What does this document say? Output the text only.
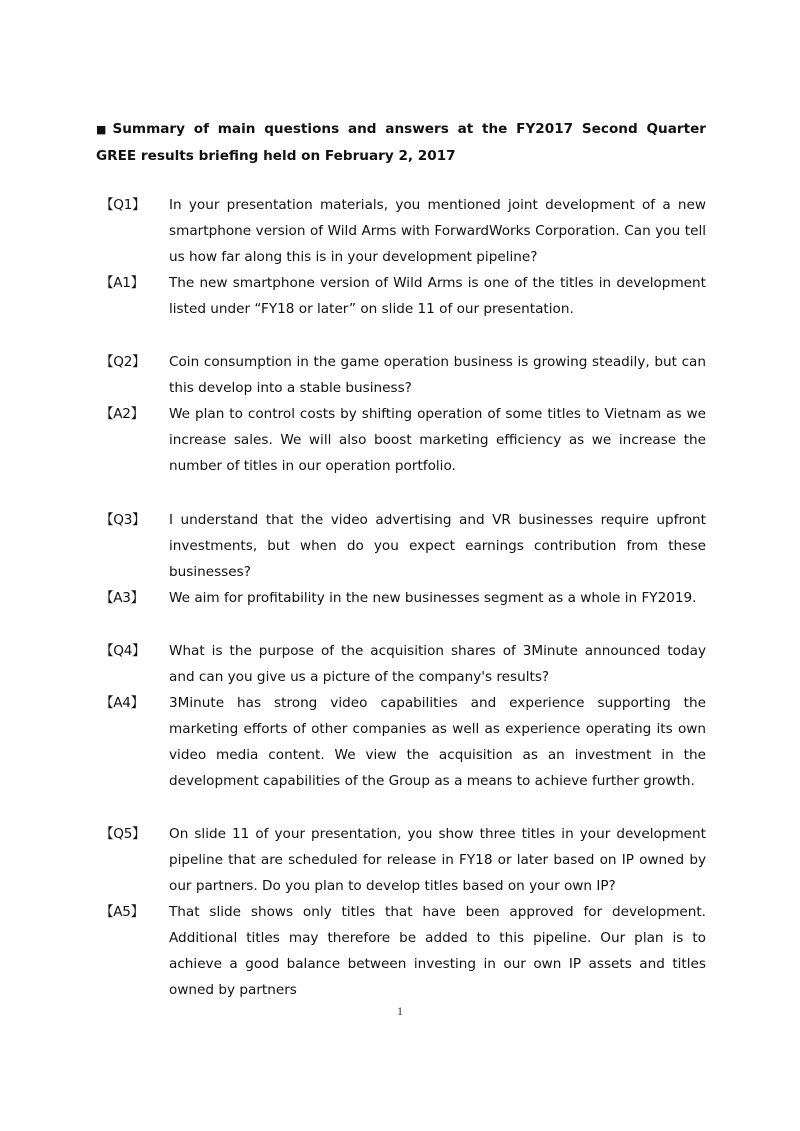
■ Summary of main questions and answers at the FY2017 Second Quarter GREE results briefing held on February 2, 2017
【Q1】	In your presentation materials, you mentioned joint development of a new smartphone version of Wild Arms with ForwardWorks Corporation. Can you tell us how far along this is in your development pipeline?
【A1】	The new smartphone version of Wild Arms is one of the titles in development listed under “FY18 or later” on slide 11 of our presentation.
【Q2】	Coin consumption in the game operation business is growing steadily, but can this develop into a stable business?
【A2】	We plan to control costs by shifting operation of some titles to Vietnam as we increase sales. We will also boost marketing efficiency as we increase the number of titles in our operation portfolio.
【Q3】	I understand that the video advertising and VR businesses require upfront investments, but when do you expect earnings contribution from these businesses?
【A3】	We aim for profitability in the new businesses segment as a whole in FY2019.
【Q4】	What is the purpose of the acquisition shares of 3Minute announced today and can you give us a picture of the company's results?
【A4】	3Minute has strong video capabilities and experience supporting the marketing efforts of other companies as well as experience operating its own video media content. We view the acquisition as an investment in the development capabilities of the Group as a means to achieve further growth.
【Q5】	On slide 11 of your presentation, you show three titles in your development pipeline that are scheduled for release in FY18 or later based on IP owned by our partners. Do you plan to develop titles based on your own IP?
【A5】	That slide shows only titles that have been approved for development. Additional titles may therefore be added to this pipeline. Our plan is to achieve a good balance between investing in our own IP assets and titles owned by partners
1
